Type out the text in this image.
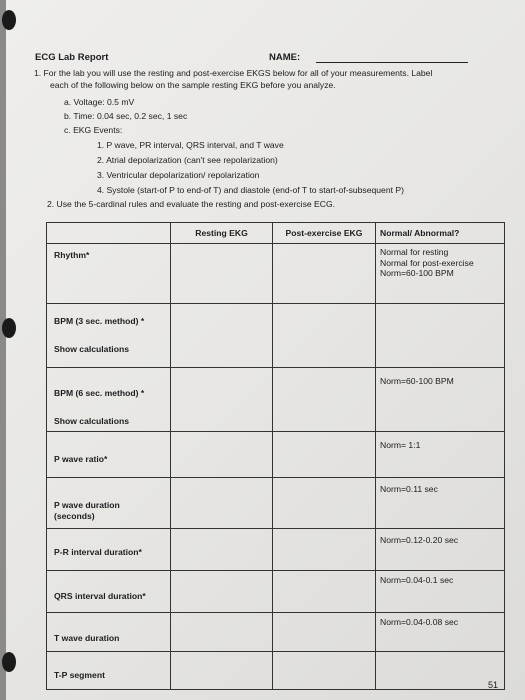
ECG Lab Report	NAME:
1. For the lab you will use the resting and post-exercise EKGS below for all of your measurements. Label
each of the following below on the sample resting EKG before you analyze.
a. Voltage: 0.5 mV
b. Time: 0.04 sec, 0.2 sec, 1 sec
c. EKG Events:
1. P wave, PR interval, QRS interval, and T wave
2. Atrial depolarization (can't see repolarization)
3. Ventricular depolarization/ repolarization
4. Systole (start-of P to end-of T) and diastole (end-of T to start-of-subsequent P)
2. Use the 5-cardinal rules and evaluate the resting and post-exercise ECG.
	Resting EKG	Post-exercise EKG	Normal/ Abnormal?

Rhythm*			Normal for resting
Normal for post-exercise
Norm=60-100 BPM

BPM (3 sec. method) *
Show calculations			

BPM (6 sec. method) *
Show calculations			Norm=60-100 BPM

P wave ratio*			Norm= 1:1

P wave duration
(seconds)			Norm=0.11 sec

P-R interval duration*			Norm=0.12-0.20 sec

QRS interval duration*			Norm=0.04-0.1 sec

T wave duration			Norm=0.04-0.08 sec

T-P segment			

51
